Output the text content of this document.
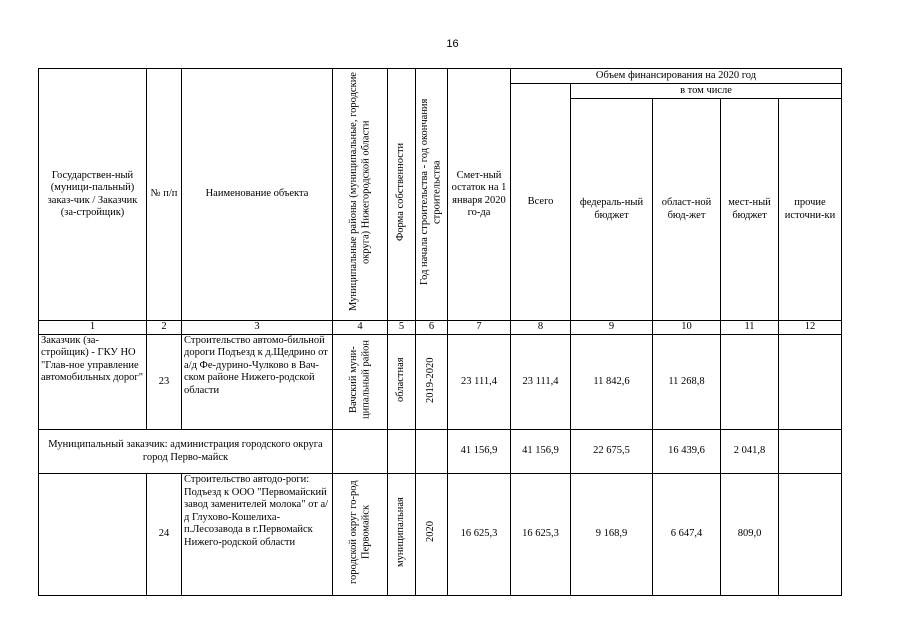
16
Государствен-ный (муници-пальный) заказ-чик / Заказчик (за-стройщик)	№ п/п	Наименование объекта	Муниципальные районы (муниципальные, городские округа) Нижегородской области	Форма собственности	Год начала строительства - год окончания строительства	Смет-ный остаток на 1 января 2020 го-да	Объем финансирования на 2020 год				
							Всего	в том числе			
								федераль-ный бюджет	област-ной бюд-жет	мест-ный бюджет	прочие источни-ки
1	2	3	4	5	6	7	8	9	10	11	12
Заказчик (за-стройщик) - ГКУ НО "Глав-ное управление автомобильных дорог"	23	Строительство автомо-бильной дороги Подъезд к д.Щедрино от а/д Фе-дурино-Чулково в Вач-ском районе Нижего-родской области	Вачский муни-ципальный район	областная	2019-2020	23 111,4	23 111,4	11 842,6	11 268,8		
Муниципальный заказчик: администрация городского округа город Перво-майск						41 156,9	41 156,9	22 675,5	16 439,6	2 041,8	
	24	Строительство автодо-роги: Подъезд к ООО "Первомайский завод заменителей молока" от а/д Глухово-Кошелиха-п.Лесозавода в г.Первомайск Нижего-родской области	городской округ го-род Первомайск	муниципальная	2020	16 625,3	16 625,3	9 168,9	6 647,4	809,0	
